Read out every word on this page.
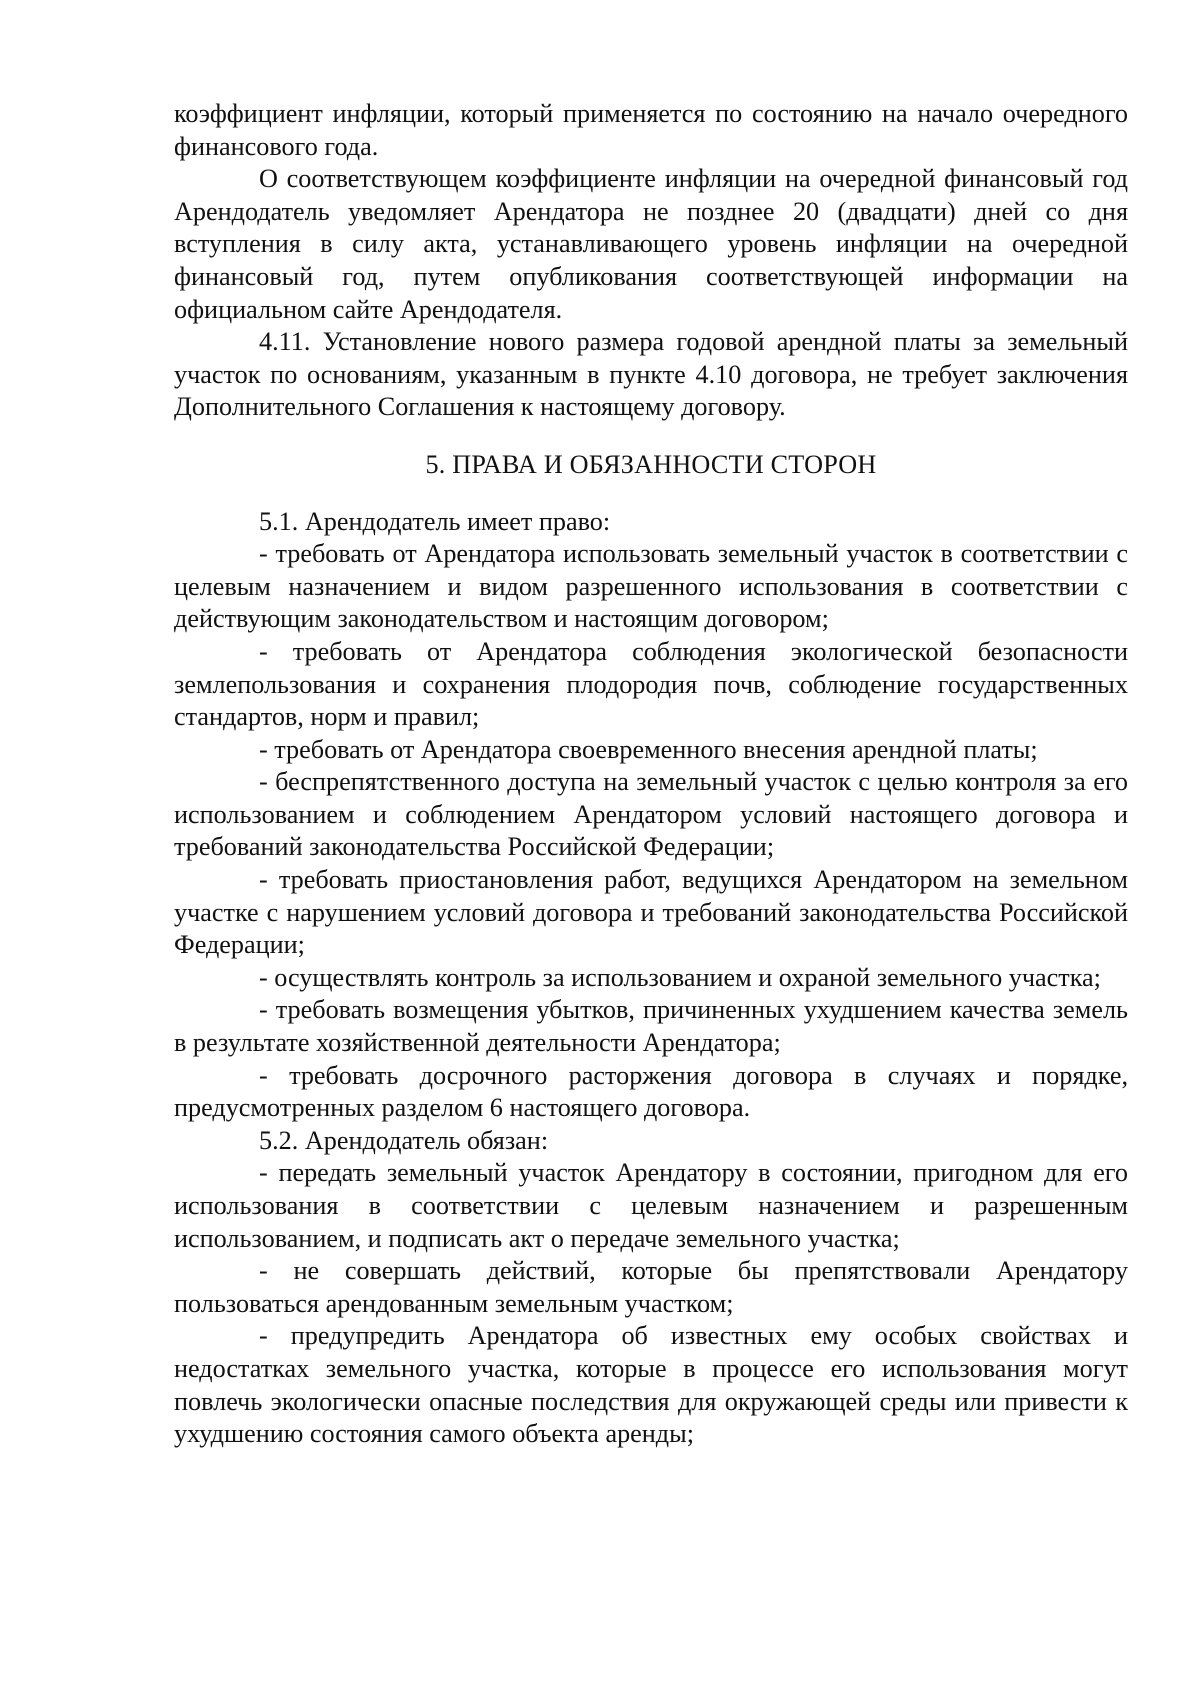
коэффициент инфляции, который применяется по состоянию на начало очередного финансового года.

О соответствующем коэффициенте инфляции на очередной финансовый год Арендодатель уведомляет Арендатора не позднее 20 (двадцати) дней со дня вступления в силу акта, устанавливающего уровень инфляции на очередной финансовый год, путем опубликования соответствующей информации на официальном сайте Арендодателя.

4.11. Установление нового размера годовой арендной платы за земельный участок по основаниям, указанным в пункте 4.10 договора, не требует заключения Дополнительного Соглашения к настоящему договору.

5. ПРАВА И ОБЯЗАННОСТИ СТОРОН

5.1. Арендодатель имеет право:

- требовать от Арендатора использовать земельный участок в соответствии с целевым назначением и видом разрешенного использования в соответствии с действующим законодательством и настоящим договором;

- требовать от Арендатора соблюдения экологической безопасности землепользования и сохранения плодородия почв, соблюдение государственных стандартов, норм и правил;

- требовать от Арендатора своевременного внесения арендной платы;

- беспрепятственного доступа на земельный участок с целью контроля за его использованием и соблюдением Арендатором условий настоящего договора и требований законодательства Российской Федерации;

- требовать приостановления работ, ведущихся Арендатором на земельном участке с нарушением условий договора и требований законодательства Российской Федерации;

- осуществлять контроль за использованием и охраной земельного участка;

- требовать возмещения убытков, причиненных ухудшением качества земель в результате хозяйственной деятельности Арендатора;

- требовать досрочного расторжения договора в случаях и порядке, предусмотренных разделом 6 настоящего договора.

5.2. Арендодатель обязан:

- передать земельный участок Арендатору в состоянии, пригодном для его использования в соответствии с целевым назначением и разрешенным использованием, и подписать акт о передаче земельного участка;

- не совершать действий, которые бы препятствовали Арендатору пользоваться арендованным земельным участком;

- предупредить Арендатора об известных ему особых свойствах и недостатках земельного участка, которые в процессе его использования могут повлечь экологически опасные последствия для окружающей среды или привести к ухудшению состояния самого объекта аренды;
